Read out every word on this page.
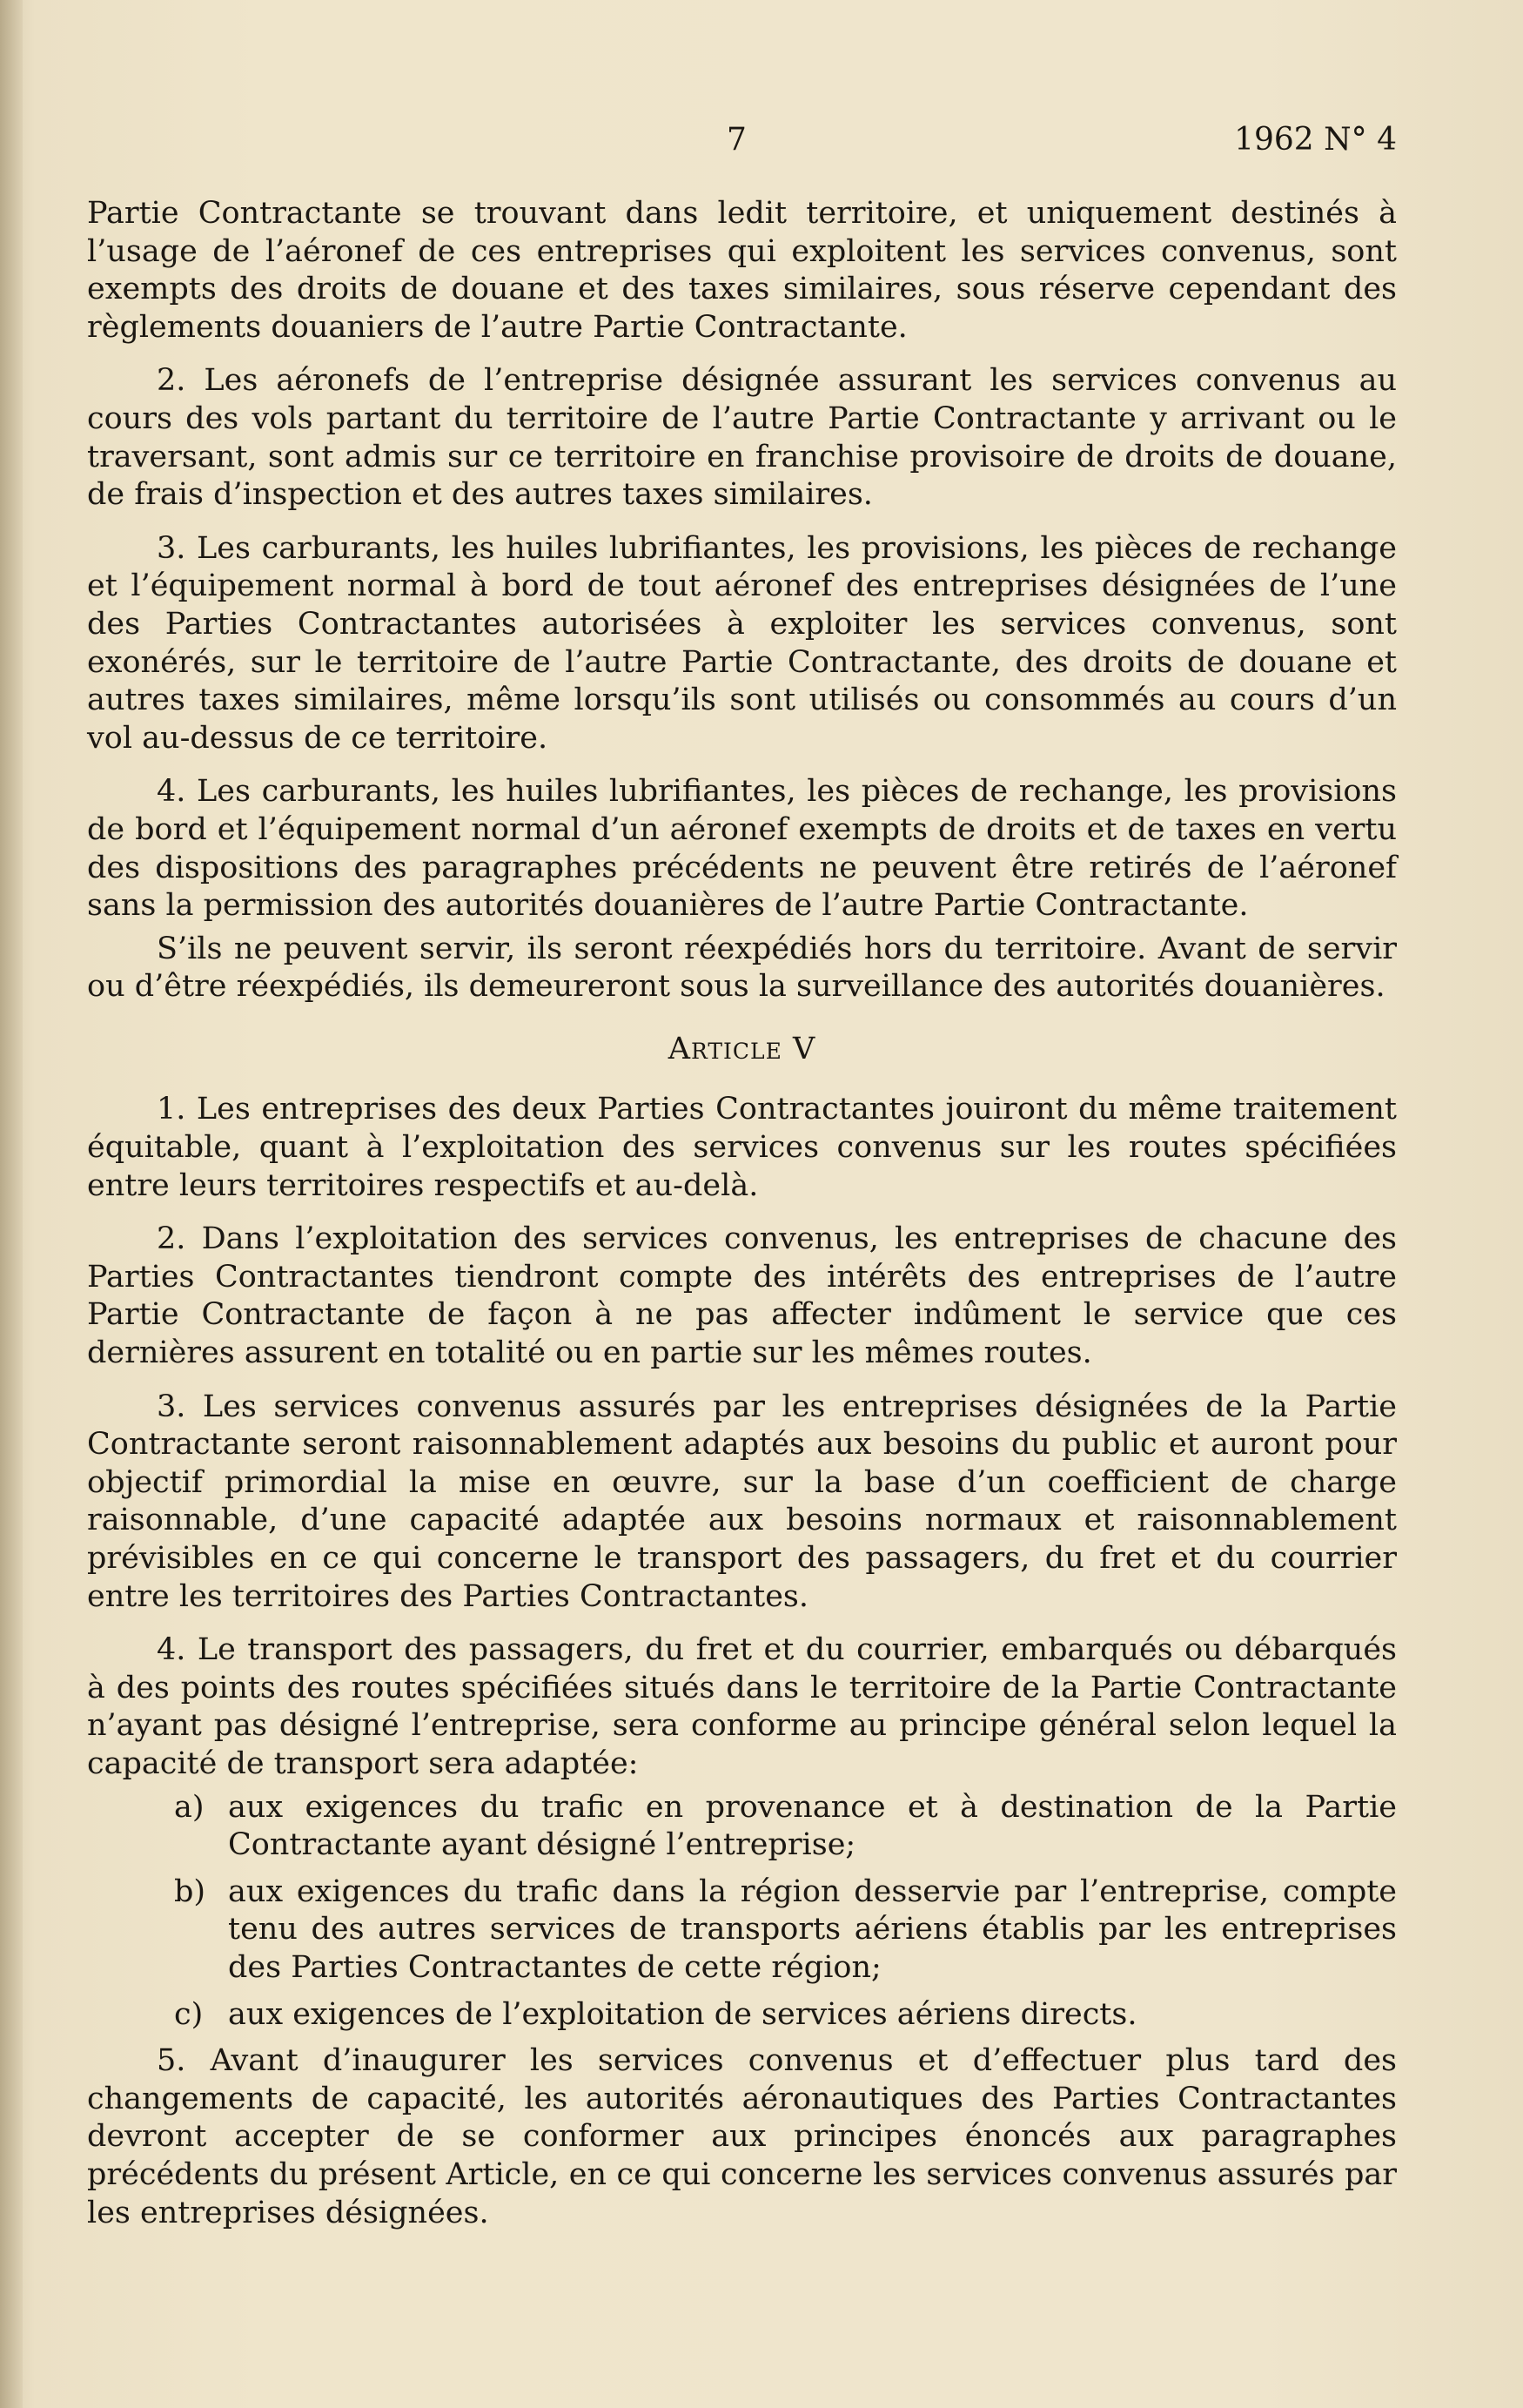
7	1962 N° 4

Partie Contractante se trouvant dans ledit territoire, et uniquement destinés à l’usage de l’aéronef de ces entreprises qui exploitent les services convenus, sont exempts des droits de douane et des taxes similaires, sous réserve cependant des règlements douaniers de l’autre Partie Contractante.

2. Les aéronefs de l’entreprise désignée assurant les services convenus au cours des vols partant du territoire de l’autre Partie Contractante y arrivant ou le traversant, sont admis sur ce territoire en franchise provisoire de droits de douane, de frais d’inspection et des autres taxes similaires.

3. Les carburants, les huiles lubrifiantes, les provisions, les pièces de rechange et l’équipement normal à bord de tout aéronef des entreprises désignées de l’une des Parties Contractantes autorisées à exploiter les services convenus, sont exonérés, sur le territoire de l’autre Partie Contractante, des droits de douane et autres taxes similaires, même lorsqu’ils sont utilisés ou consommés au cours d’un vol au-dessus de ce territoire.

4. Les carburants, les huiles lubrifiantes, les pièces de rechange, les provisions de bord et l’équipement normal d’un aéronef exempts de droits et de taxes en vertu des dispositions des paragraphes précédents ne peuvent être retirés de l’aéronef sans la permission des autorités douanières de l’autre Partie Contractante.

S’ils ne peuvent servir, ils seront réexpédiés hors du territoire. Avant de servir ou d’être réexpédiés, ils demeureront sous la surveillance des autorités douanières.

Article V

1. Les entreprises des deux Parties Contractantes jouiront du même traitement équitable, quant à l’exploitation des services convenus sur les routes spécifiées entre leurs territoires respectifs et au-delà.

2. Dans l’exploitation des services convenus, les entreprises de chacune des Parties Contractantes tiendront compte des intérêts des entreprises de l’autre Partie Contractante de façon à ne pas affecter indûment le service que ces dernières assurent en totalité ou en partie sur les mêmes routes.

3. Les services convenus assurés par les entreprises désignées de la Partie Contractante seront raisonnablement adaptés aux besoins du public et auront pour objectif primordial la mise en œuvre, sur la base d’un coefficient de charge raisonnable, d’une capacité adaptée aux besoins normaux et raisonnablement prévisibles en ce qui concerne le transport des passagers, du fret et du courrier entre les territoires des Parties Contractantes.

4. Le transport des passagers, du fret et du courrier, embarqués ou débarqués à des points des routes spécifiées situés dans le territoire de la Partie Contractante n’ayant pas désigné l’entreprise, sera conforme au principe général selon lequel la capacité de transport sera adaptée:

a) aux exigences du trafic en provenance et à destination de la Partie Contractante ayant désigné l’entreprise;

b) aux exigences du trafic dans la région desservie par l’entreprise, compte tenu des autres services de transports aériens établis par les entreprises des Parties Contractantes de cette région;

c) aux exigences de l’exploitation de services aériens directs.

5. Avant d’inaugurer les services convenus et d’effectuer plus tard des changements de capacité, les autorités aéronautiques des Parties Contractantes devront accepter de se conformer aux principes énoncés aux paragraphes précédents du présent Article, en ce qui concerne les services convenus assurés par les entreprises désignées.
